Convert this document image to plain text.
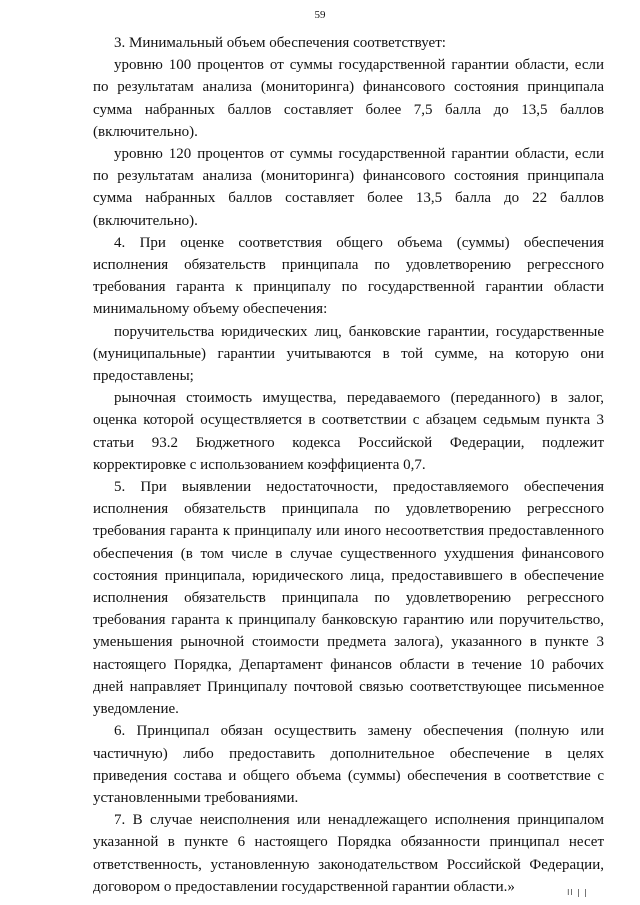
59

3. Минимальный объем обеспечения соответствует:

уровню 100 процентов от суммы государственной гарантии области, если по результатам анализа (мониторинга) финансового состояния принципала сумма набранных баллов составляет более 7,5 балла до 13,5 баллов (включительно).

уровню 120 процентов от суммы государственной гарантии области, если по результатам анализа (мониторинга) финансового состояния принципала сумма набранных баллов составляет более 13,5 балла до 22 баллов (включительно).

4. При оценке соответствия общего объема (суммы) обеспечения исполнения обязательств принципала по удовлетворению регрессного требования гаранта к принципалу по государственной гарантии области минимальному объему обеспечения:

поручительства юридических лиц, банковские гарантии, государственные (муниципальные) гарантии учитываются в той сумме, на которую они предоставлены;

рыночная стоимость имущества, передаваемого (переданного) в залог, оценка которой осуществляется в соответствии с абзацем седьмым пункта 3 статьи 93.2 Бюджетного кодекса Российской Федерации, подлежит корректировке с использованием коэффициента 0,7.

5. При выявлении недостаточности, предоставляемого обеспечения исполнения обязательств принципала по удовлетворению регрессного требования гаранта к принципалу или иного несоответствия предоставленного обеспечения (в том числе в случае существенного ухудшения финансового состояния принципала, юридического лица, предоставившего в обеспечение исполнения обязательств принципала по удовлетворению регрессного требования гаранта к принципалу банковскую гарантию или поручительство, уменьшения рыночной стоимости предмета залога), указанного в пункте 3 настоящего Порядка, Департамент финансов области в течение 10 рабочих дней направляет Принципалу почтовой связью соответствующее письменное уведомление.

6. Принципал обязан осуществить замену обеспечения (полную или частичную) либо предоставить дополнительное обеспечение в целях приведения состава и общего объема (суммы) обеспечения в соответствие с установленными требованиями.

7. В случае неисполнения или ненадлежащего исполнения принципалом указанной в пункте 6 настоящего Порядка обязанности принципал несет ответственность, установленную законодательством Российской Федерации, договором о предоставлении государственной гарантии области.»	ll | |
